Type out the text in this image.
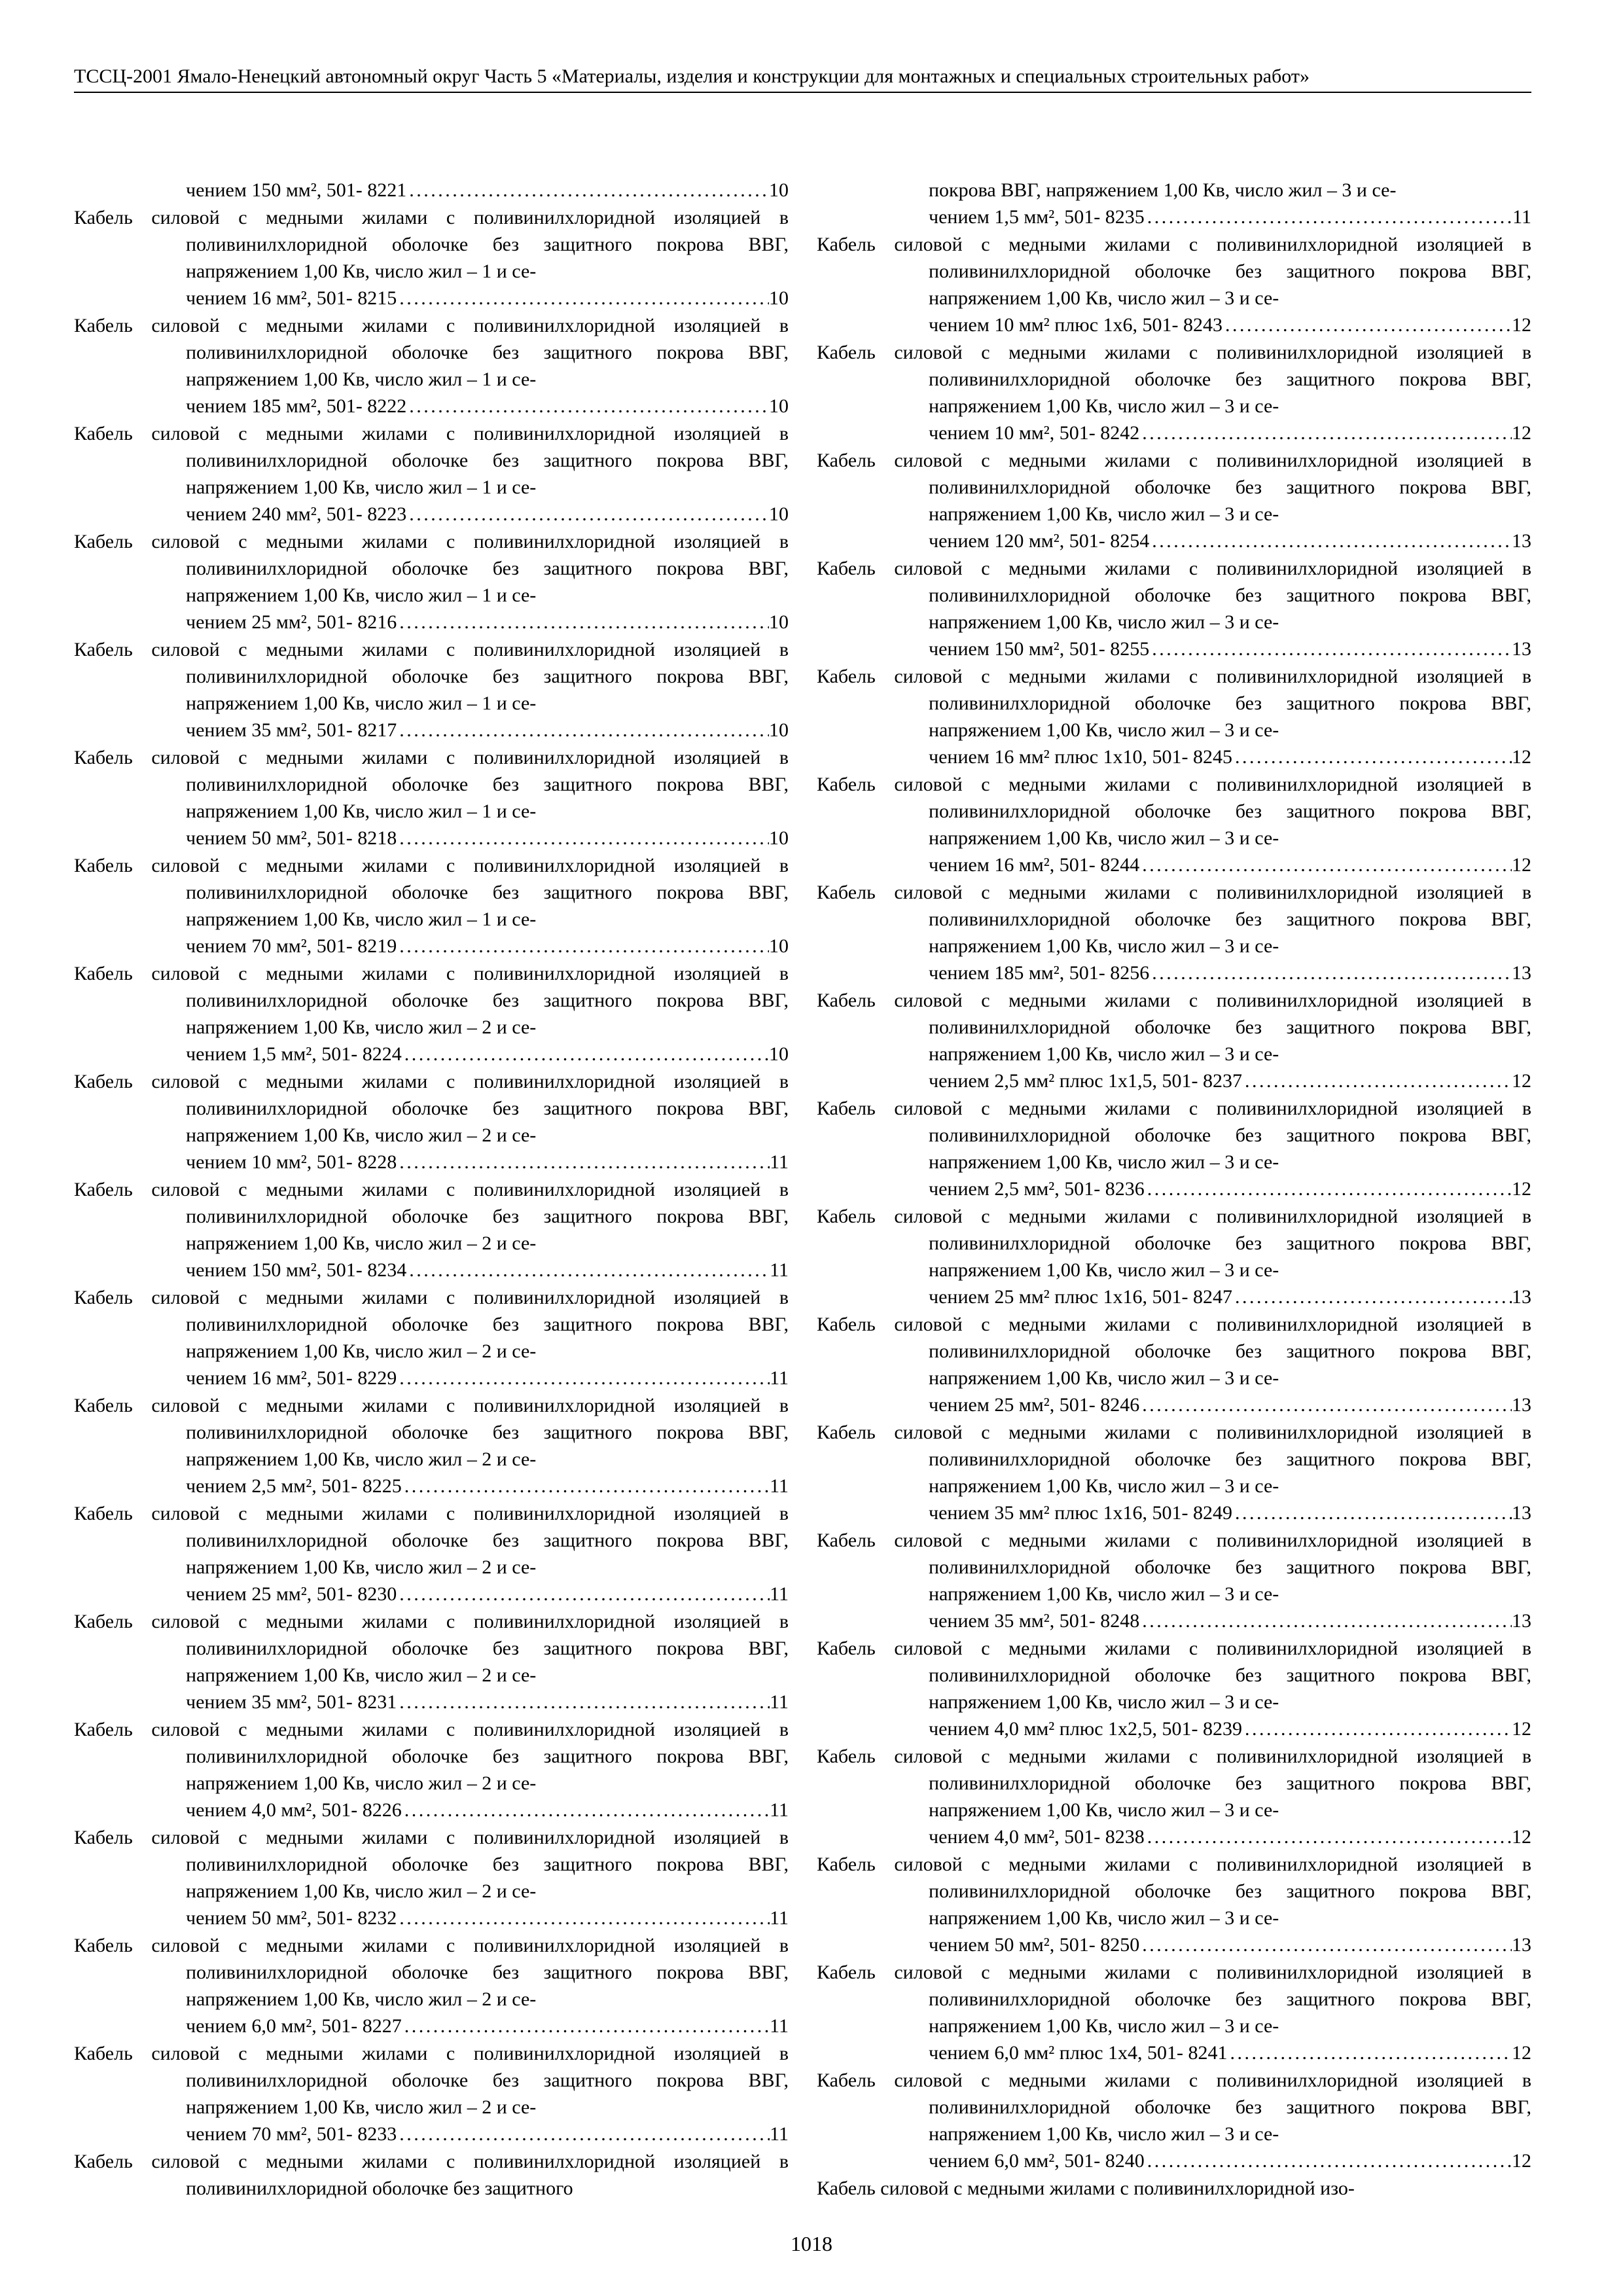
ТССЦ-2001 Ямало-Ненецкий автономный округ Часть 5 «Материалы, изделия и конструкции для монтажных и специальных строительных работ»
чением 150 мм², 501- 8221 . . .	10
Кабель силовой с медными жилами с поливинилхлоридной изоляцией в поливинилхлоридной оболочке без защитного покрова ВВГ, напряжением 1,00 Кв, число жил – 1 и се-
чением 16 мм², 501- 8215 . . .	10
Кабель силовой с медными жилами с поливинилхлоридной изоляцией в поливинилхлоридной оболочке без защитного покрова ВВГ, напряжением 1,00 Кв, число жил – 1 и се-
чением 185 мм², 501- 8222 . . .	10
Кабель силовой с медными жилами с поливинилхлоридной изоляцией в поливинилхлоридной оболочке без защитного покрова ВВГ, напряжением 1,00 Кв, число жил – 1 и се-
чением 240 мм², 501- 8223 . . .	10
Кабель силовой с медными жилами с поливинилхлоридной изоляцией в поливинилхлоридной оболочке без защитного покрова ВВГ, напряжением 1,00 Кв, число жил – 1 и се-
чением 25 мм², 501- 8216 . . .	10
Кабель силовой с медными жилами с поливинилхлоридной изоляцией в поливинилхлоридной оболочке без защитного покрова ВВГ, напряжением 1,00 Кв, число жил – 1 и се-
чением 35 мм², 501- 8217 . . .	10
Кабель силовой с медными жилами с поливинилхлоридной изоляцией в поливинилхлоридной оболочке без защитного покрова ВВГ, напряжением 1,00 Кв, число жил – 1 и се-
чением 50 мм², 501- 8218 . . .	10
Кабель силовой с медными жилами с поливинилхлоридной изоляцией в поливинилхлоридной оболочке без защитного покрова ВВГ, напряжением 1,00 Кв, число жил – 1 и се-
чением 70 мм², 501- 8219 . . .	10
Кабель силовой с медными жилами с поливинилхлоридной изоляцией в поливинилхлоридной оболочке без защитного покрова ВВГ, напряжением 1,00 Кв, число жил – 2 и се-
чением 1,5 мм², 501- 8224 . . .	10
Кабель силовой с медными жилами с поливинилхлоридной изоляцией в поливинилхлоридной оболочке без защитного покрова ВВГ, напряжением 1,00 Кв, число жил – 2 и се-
чением 10 мм², 501- 8228 . . .	11
Кабель силовой с медными жилами с поливинилхлоридной изоляцией в поливинилхлоридной оболочке без защитного покрова ВВГ, напряжением 1,00 Кв, число жил – 2 и се-
чением 150 мм², 501- 8234 . . .	11
Кабель силовой с медными жилами с поливинилхлоридной изоляцией в поливинилхлоридной оболочке без защитного покрова ВВГ, напряжением 1,00 Кв, число жил – 2 и се-
чением 16 мм², 501- 8229 . . .	11
Кабель силовой с медными жилами с поливинилхлоридной изоляцией в поливинилхлоридной оболочке без защитного покрова ВВГ, напряжением 1,00 Кв, число жил – 2 и се-
чением 2,5 мм², 501- 8225 . . .	11
Кабель силовой с медными жилами с поливинилхлоридной изоляцией в поливинилхлоридной оболочке без защитного покрова ВВГ, напряжением 1,00 Кв, число жил – 2 и се-
чением 25 мм², 501- 8230 . . .	11
Кабель силовой с медными жилами с поливинилхлоридной изоляцией в поливинилхлоридной оболочке без защитного покрова ВВГ, напряжением 1,00 Кв, число жил – 2 и се-
чением 35 мм², 501- 8231 . . .	11
Кабель силовой с медными жилами с поливинилхлоридной изоляцией в поливинилхлоридной оболочке без защитного покрова ВВГ, напряжением 1,00 Кв, число жил – 2 и се-
чением 4,0 мм², 501- 8226 . . .	11
Кабель силовой с медными жилами с поливинилхлоридной изоляцией в поливинилхлоридной оболочке без защитного покрова ВВГ, напряжением 1,00 Кв, число жил – 2 и се-
чением 50 мм², 501- 8232 . . .	11
Кабель силовой с медными жилами с поливинилхлоридной изоляцией в поливинилхлоридной оболочке без защитного покрова ВВГ, напряжением 1,00 Кв, число жил – 2 и се-
чением 6,0 мм², 501- 8227 . . .	11
Кабель силовой с медными жилами с поливинилхлоридной изоляцией в поливинилхлоридной оболочке без защитного покрова ВВГ, напряжением 1,00 Кв, число жил – 2 и се-
чением 70 мм², 501- 8233 . . .	11
Кабель силовой с медными жилами с поливинилхлоридной изоляцией в поливинилхлоридной оболочке без защитного
покрова ВВГ, напряжением 1,00 Кв, число жил – 3 и се-
чением 1,5 мм², 501- 8235 . . .	11
Кабель силовой с медными жилами с поливинилхлоридной изоляцией в поливинилхлоридной оболочке без защитного покрова ВВГ, напряжением 1,00 Кв, число жил – 3 и се-
чением 10 мм² плюс 1х6, 501- 8243 . . .	12
Кабель силовой с медными жилами с поливинилхлоридной изоляцией в поливинилхлоридной оболочке без защитного покрова ВВГ, напряжением 1,00 Кв, число жил – 3 и се-
чением 10 мм², 501- 8242 . . .	12
Кабель силовой с медными жилами с поливинилхлоридной изоляцией в поливинилхлоридной оболочке без защитного покрова ВВГ, напряжением 1,00 Кв, число жил – 3 и се-
чением 120 мм², 501- 8254 . . .	13
Кабель силовой с медными жилами с поливинилхлоридной изоляцией в поливинилхлоридной оболочке без защитного покрова ВВГ, напряжением 1,00 Кв, число жил – 3 и се-
чением 150 мм², 501- 8255 . . .	13
Кабель силовой с медными жилами с поливинилхлоридной изоляцией в поливинилхлоридной оболочке без защитного покрова ВВГ, напряжением 1,00 Кв, число жил – 3 и се-
чением 16 мм² плюс 1х10, 501- 8245 . . .	12
Кабель силовой с медными жилами с поливинилхлоридной изоляцией в поливинилхлоридной оболочке без защитного покрова ВВГ, напряжением 1,00 Кв, число жил – 3 и се-
чением 16 мм², 501- 8244 . . .	12
Кабель силовой с медными жилами с поливинилхлоридной изоляцией в поливинилхлоридной оболочке без защитного покрова ВВГ, напряжением 1,00 Кв, число жил – 3 и се-
чением 185 мм², 501- 8256 . . .	13
Кабель силовой с медными жилами с поливинилхлоридной изоляцией в поливинилхлоридной оболочке без защитного покрова ВВГ, напряжением 1,00 Кв, число жил – 3 и се-
чением 2,5 мм² плюс 1х1,5, 501- 8237 . . .	12
Кабель силовой с медными жилами с поливинилхлоридной изоляцией в поливинилхлоридной оболочке без защитного покрова ВВГ, напряжением 1,00 Кв, число жил – 3 и се-
чением 2,5 мм², 501- 8236 . . .	12
Кабель силовой с медными жилами с поливинилхлоридной изоляцией в поливинилхлоридной оболочке без защитного покрова ВВГ, напряжением 1,00 Кв, число жил – 3 и се-
чением 25 мм² плюс 1х16, 501- 8247 . . .	13
Кабель силовой с медными жилами с поливинилхлоридной изоляцией в поливинилхлоридной оболочке без защитного покрова ВВГ, напряжением 1,00 Кв, число жил – 3 и се-
чением 25 мм², 501- 8246 . . .	13
Кабель силовой с медными жилами с поливинилхлоридной изоляцией в поливинилхлоридной оболочке без защитного покрова ВВГ, напряжением 1,00 Кв, число жил – 3 и се-
чением 35 мм² плюс 1х16, 501- 8249 . . .	13
Кабель силовой с медными жилами с поливинилхлоридной изоляцией в поливинилхлоридной оболочке без защитного покрова ВВГ, напряжением 1,00 Кв, число жил – 3 и се-
чением 35 мм², 501- 8248 . . .	13
Кабель силовой с медными жилами с поливинилхлоридной изоляцией в поливинилхлоридной оболочке без защитного покрова ВВГ, напряжением 1,00 Кв, число жил – 3 и се-
чением 4,0 мм² плюс 1х2,5, 501- 8239 . . .	12
Кабель силовой с медными жилами с поливинилхлоридной изоляцией в поливинилхлоридной оболочке без защитного покрова ВВГ, напряжением 1,00 Кв, число жил – 3 и се-
чением 4,0 мм², 501- 8238 . . .	12
Кабель силовой с медными жилами с поливинилхлоридной изоляцией в поливинилхлоридной оболочке без защитного покрова ВВГ, напряжением 1,00 Кв, число жил – 3 и се-
чением 50 мм², 501- 8250 . . .	13
Кабель силовой с медными жилами с поливинилхлоридной изоляцией в поливинилхлоридной оболочке без защитного покрова ВВГ, напряжением 1,00 Кв, число жил – 3 и се-
чением 6,0 мм² плюс 1х4, 501- 8241 . . .	12
Кабель силовой с медными жилами с поливинилхлоридной изоляцией в поливинилхлоридной оболочке без защитного покрова ВВГ, напряжением 1,00 Кв, число жил – 3 и се-
чением 6,0 мм², 501- 8240 . . .	12
Кабель силовой с медными жилами с поливинилхлоридной изо-
1018
